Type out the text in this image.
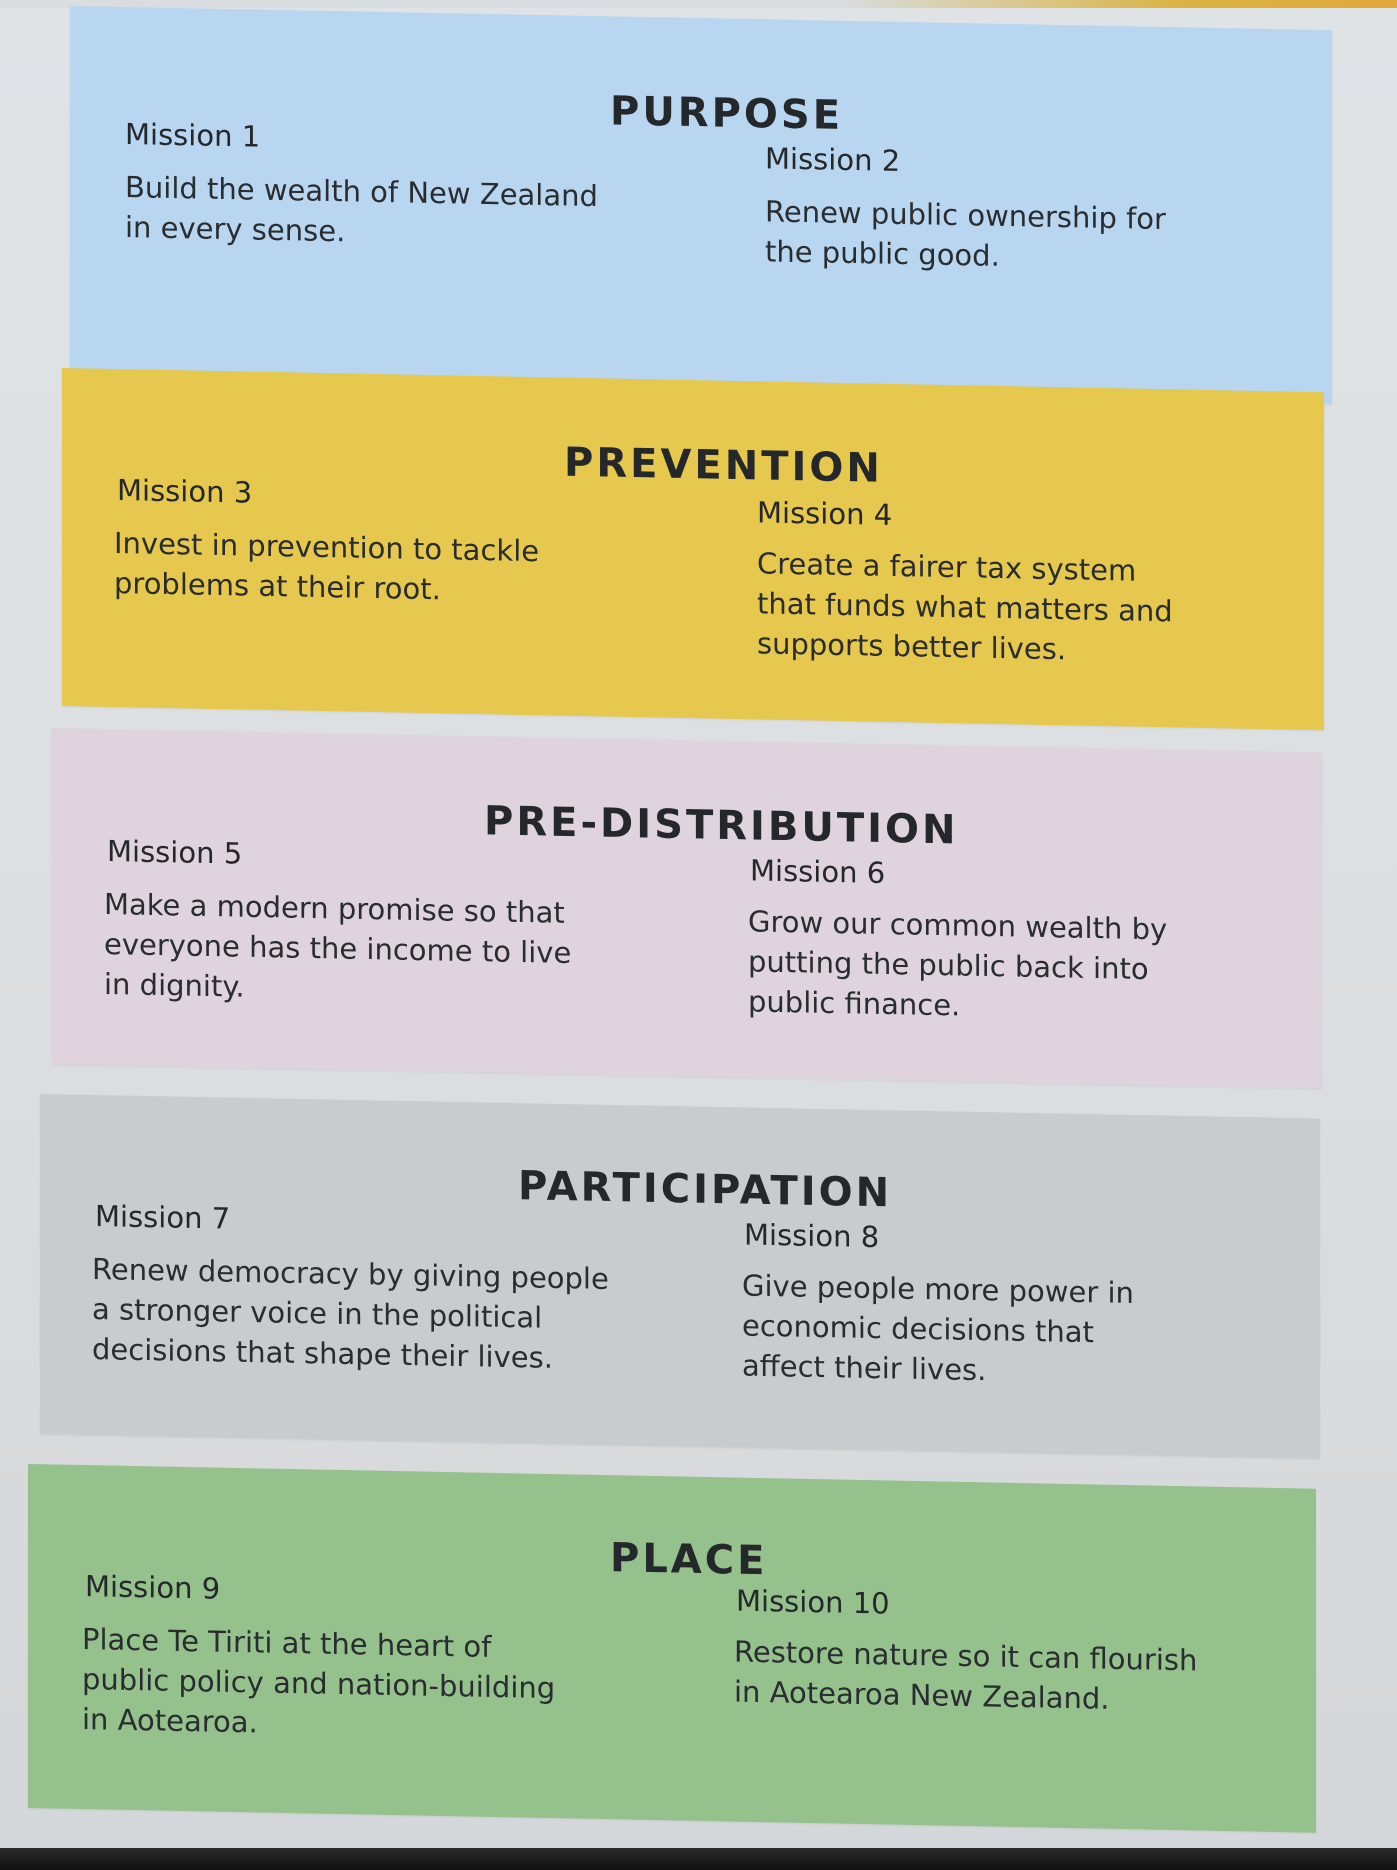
PURPOSE
Mission 1
Build the wealth of New Zealand
in every sense.
Mission 2
Renew public ownership for
the public good.
PREVENTION
Mission 3
Invest in prevention to tackle
problems at their root.
Mission 4
Create a fairer tax system
that funds what matters and
supports better lives.
PRE-DISTRIBUTION
Mission 5
Make a modern promise so that
everyone has the income to live
in dignity.
Mission 6
Grow our common wealth by
putting the public back into
public finance.
PARTICIPATION
Mission 7
Renew democracy by giving people
a stronger voice in the political
decisions that shape their lives.
Mission 8
Give people more power in
economic decisions that
affect their lives.
PLACE
Mission 9
Place Te Tiriti at the heart of
public policy and nation-building
in Aotearoa.
Mission 10
Restore nature so it can flourish
in Aotearoa New Zealand.
